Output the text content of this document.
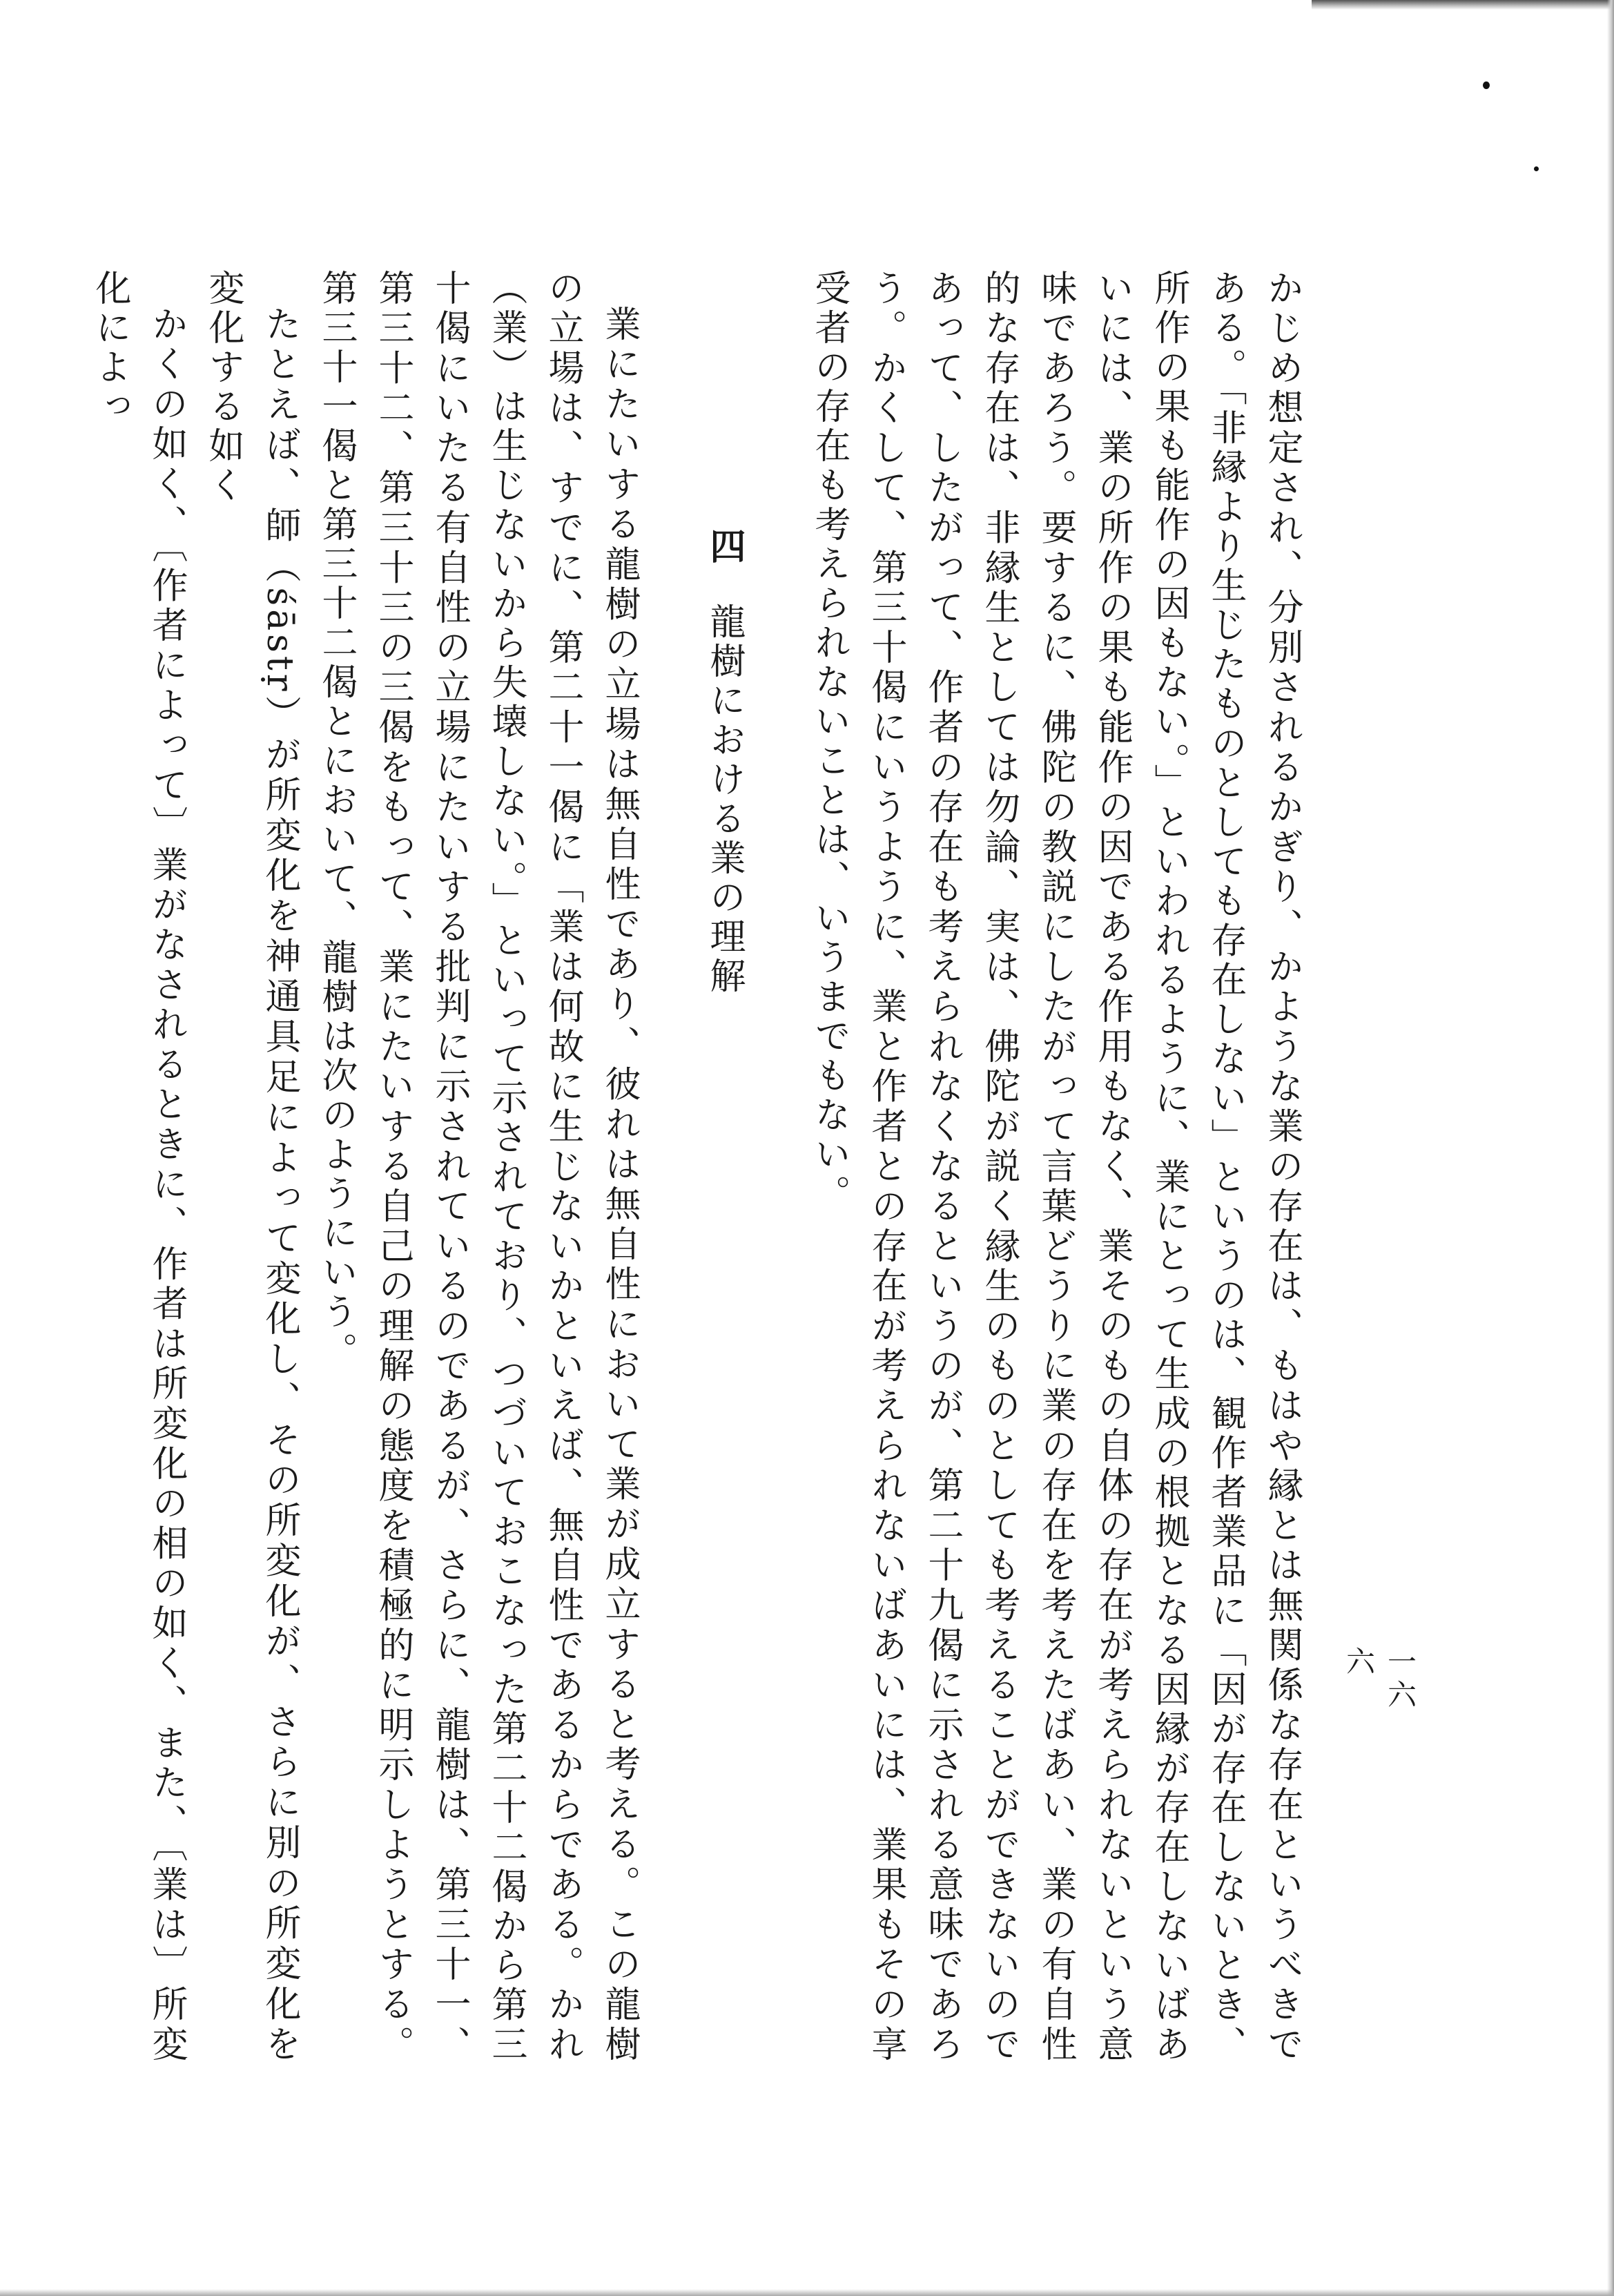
一六六

かじめ想定され、分別されるかぎり、かような業の存在は、もはや縁とは無関係な存在というべきである。「非縁より生じたものとしても存在しない」というのは、観作者業品に「因が存在しないとき、所作の果も能作の因もない。」といわれるように、業にとって生成の根拠となる因縁が存在しないばあいには、業の所作の果も能作の因である作用もなく、業そのもの自体の存在が考えられないという意味であろう。要するに、佛陀の教説にしたがって言葉どうりに業の存在を考えたばあい、業の有自性的な存在は、非縁生としては勿論、実は、佛陀が説く縁生のものとしても考えることができないのであって、したがって、作者の存在も考えられなくなるというのが、第二十九偈に示される意味であろう。かくして、第三十偈にいうように、業と作者との存在が考えられないばあいには、業果もその享受者の存在も考えられないことは、いうまでもない。

四龍樹における業の理解

業にたいする龍樹の立場は無自性であり、彼れは無自性において業が成立すると考える。この龍樹の立場は、すでに、第二十一偈に「業は何故に生じないかといえば、無自性であるからである。かれ（業）は生じないから失壊しない。」といって示されており、つづいておこなった第二十二偈から第三十偈にいたる有自性の立場にたいする批判に示されているのであるが、さらに、龍樹は、第三十一、第三十二、第三十三の三偈をもって、業にたいする自己の理解の態度を積極的に明示しようとする。第三十一偈と第三十二偈とにおいて、龍樹は次のようにいう。

たとえば、師（śāstṛ）が所変化を神通具足によって変化し、その所変化が、さらに別の所変化を変化する如く

かくの如く、〔作者によって〕業がなされるときに、作者は所変化の相の如く、また、〔業は〕所変化によっ
